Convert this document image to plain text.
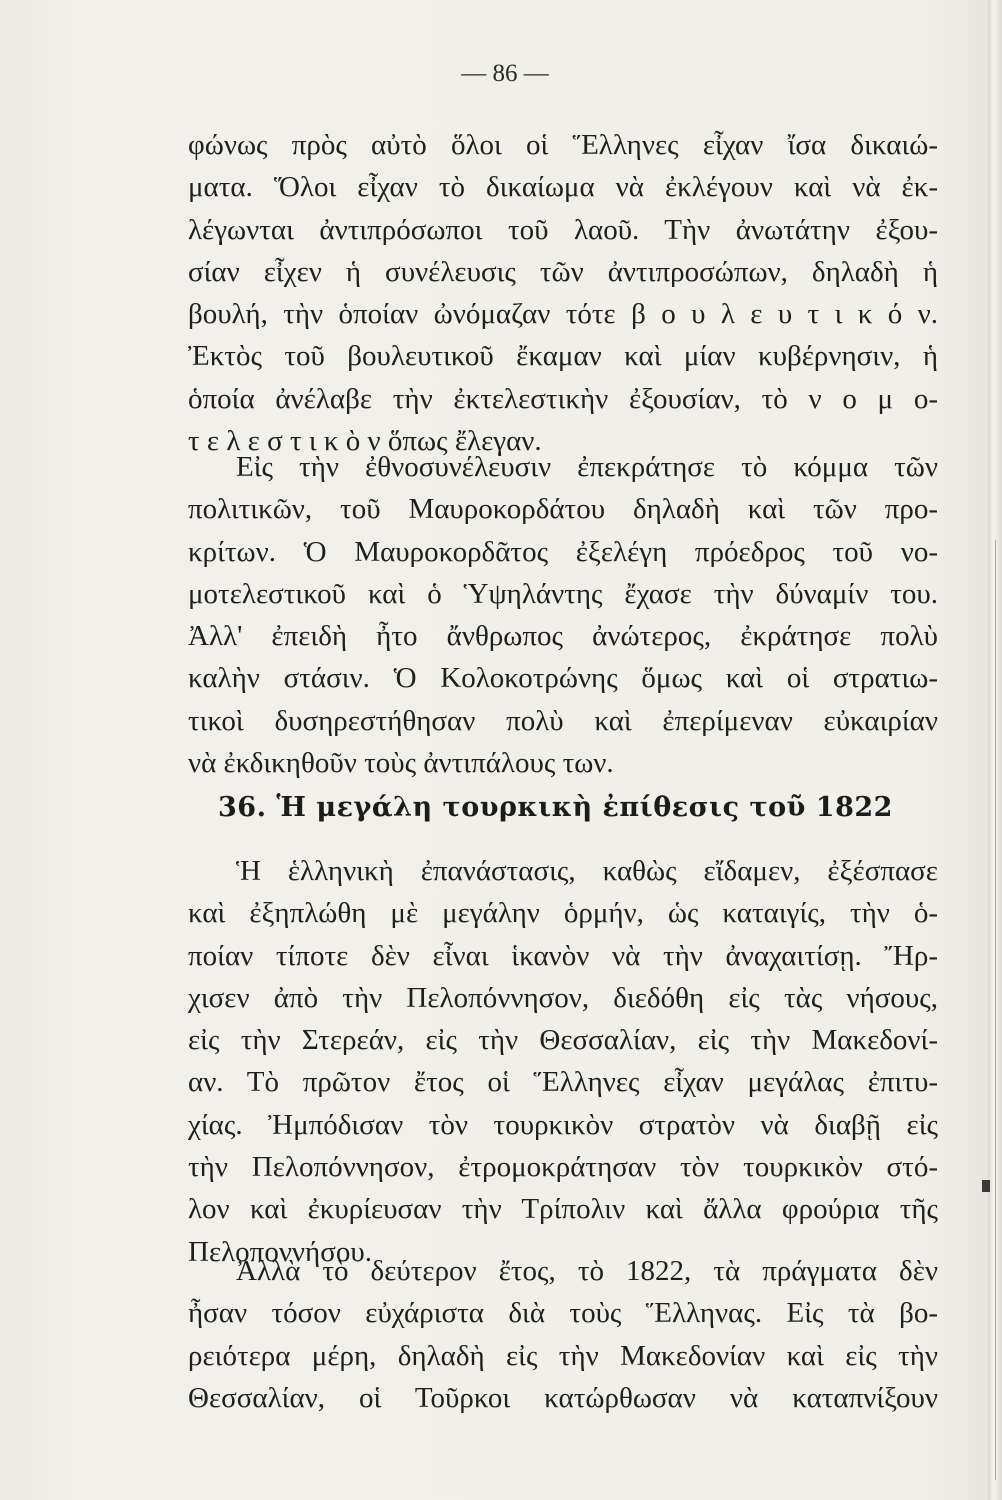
— 86 —
φώνως πρὸς αὐτὸ ὅλοι οἱ Ἕλληνες εἶχαν ἴσα δικαιώ-
ματα. Ὅλοι εἶχαν τὸ δικαίωμα νὰ ἐκλέγουν καὶ νὰ ἐκ-
λέγωνται ἀντιπρόσωποι τοῦ λαοῦ. Τὴν ἀνωτάτην ἐξου-
σίαν εἶχεν ἡ συνέλευσις τῶν ἀντιπροσώπων, δηλαδὴ ἡ
βουλή, τὴν ὁποίαν ὠνόμαζαν τότε β ο υ λ ε υ τ ι κ ό ν.
Ἐκτὸς τοῦ βουλευτικοῦ ἔκαμαν καὶ μίαν κυβέρνησιν, ἡ
ὁποία ἀνέλαβε τὴν ἐκτελεστικὴν ἐξουσίαν, τὸ ν ο μ ο-
τ ε λ ε σ τ ι κ ὸ ν ὅπως ἔλεγαν.
Εἰς τὴν ἐθνοσυνέλευσιν ἐπεκράτησε τὸ κόμμα τῶν
πολιτικῶν, τοῦ Μαυροκορδάτου δηλαδὴ καὶ τῶν προ-
κρίτων. Ὁ Μαυροκορδᾶτος ἐξελέγη πρόεδρος τοῦ νο-
μοτελεστικοῦ καὶ ὁ Ὑψηλάντης ἔχασε τὴν δύναμίν του.
Ἀλλ' ἐπειδὴ ἦτο ἄνθρωπος ἀνώτερος, ἐκράτησε πολὺ
καλὴν στάσιν. Ὁ Κολοκοτρώνης ὅμως καὶ οἱ στρατιω-
τικοὶ δυσηρεστήθησαν πολὺ καὶ ἐπερίμεναν εὐκαιρίαν
νὰ ἐκδικηθοῦν τοὺς ἀντιπάλους των.
36. Ἡ μεγάλη τουρκικὴ ἐπίθεσις τοῦ 1822
Ἡ ἑλληνικὴ ἐπανάστασις, καθὼς εἴδαμεν, ἐξέσπασε
καὶ ἐξηπλώθη μὲ μεγάλην ὁρμήν, ὡς καταιγίς, τὴν ὁ-
ποίαν τίποτε δὲν εἶναι ἱκανὸν νὰ τὴν ἀναχαιτίσῃ. Ἤρ-
χισεν ἀπὸ τὴν Πελοπόννησον, διεδόθη εἰς τὰς νήσους,
εἰς τὴν Στερεάν, εἰς τὴν Θεσσαλίαν, εἰς τὴν Μακεδονί-
αν. Τὸ πρῶτον ἔτος οἱ Ἕλληνες εἶχαν μεγάλας ἐπιτυ-
χίας. Ἠμπόδισαν τὸν τουρκικὸν στρατὸν νὰ διαβῇ εἰς
τὴν Πελοπόννησον, ἐτρομοκράτησαν τὸν τουρκικὸν στό-
λον καὶ ἐκυρίευσαν τὴν Τρίπολιν καὶ ἄλλα φρούρια τῆς
Πελοποννήσου.
Ἀλλὰ τὸ δεύτερον ἔτος, τὸ 1822, τὰ πράγματα δὲν
ἦσαν τόσον εὐχάριστα διὰ τοὺς Ἕλληνας. Εἰς τὰ βο-
ρειότερα μέρη, δηλαδὴ εἰς τὴν Μακεδονίαν καὶ εἰς τὴν
Θεσσαλίαν, οἱ Τοῦρκοι κατώρθωσαν νὰ καταπνίξουν
